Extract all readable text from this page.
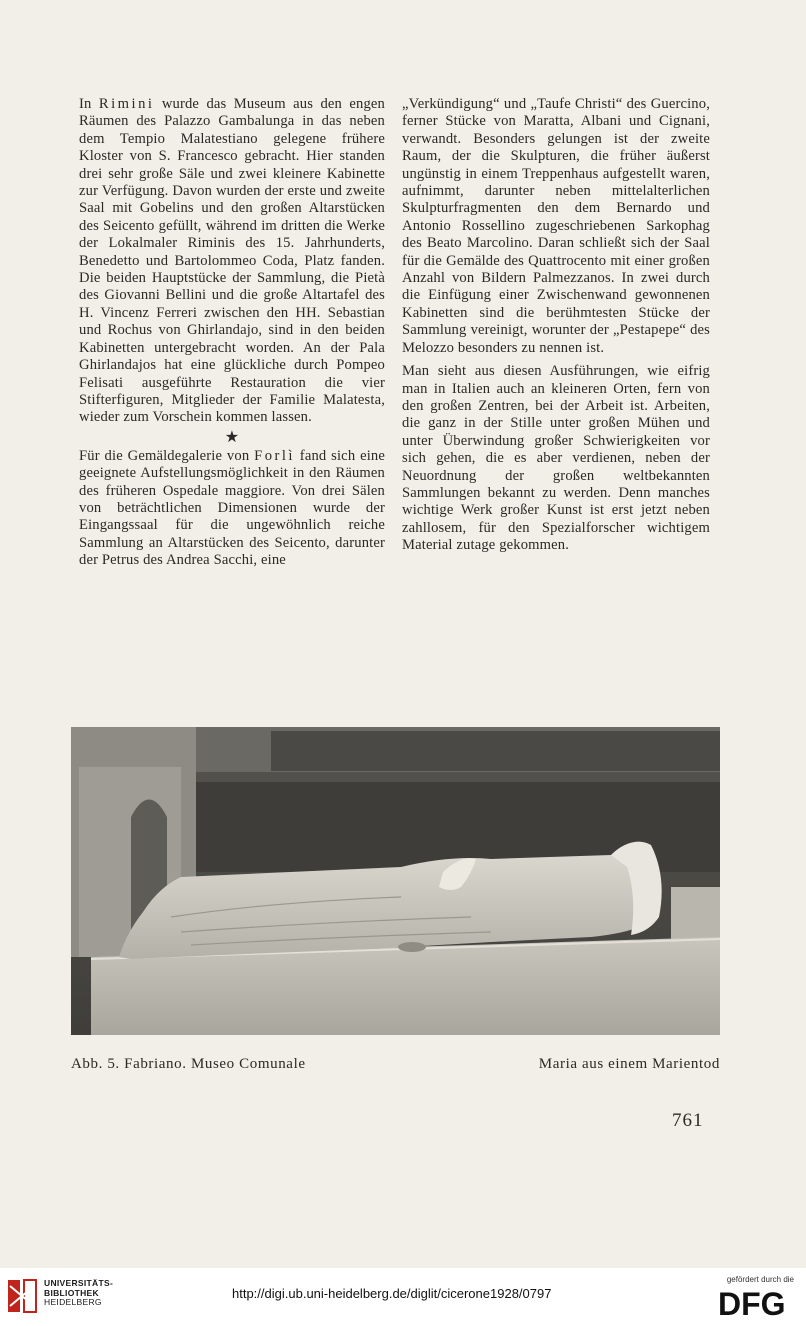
In Rimini wurde das Museum aus den engen Räumen des Palazzo Gambalunga in das neben dem Tempio Malatestiano gelegene frühere Kloster von S. Francesco gebracht. Hier standen drei sehr große Säle und zwei kleinere Kabinette zur Verfügung. Davon wurden der erste und zweite Saal mit Gobelins und den großen Altarstücken des Seicento gefüllt, während im dritten die Werke der Lokalmaler Riminis des 15. Jahrhunderts, Benedetto und Bartolommeo Coda, Platz fanden. Die beiden Hauptstücke der Sammlung, die Pietà des Giovanni Bellini und die große Altartafel des H. Vincenz Ferreri zwischen den HH. Sebastian und Rochus von Ghirlandajo, sind in den beiden Kabinetten untergebracht worden. An der Pala Ghirlandajos hat eine glückliche durch Pompeo Felisati ausgeführte Restauration die vier Stifterfiguren, Mitglieder der Familie Malatesta, wieder zum Vorschein kommen lassen.

★

Für die Gemäldegalerie von Forlì fand sich eine geeignete Aufstellungsmöglichkeit in den Räumen des früheren Ospedale maggiore. Von drei Sälen von beträchtlichen Dimensionen wurde der Eingangssaal für die ungewöhnlich reiche Sammlung an Altarstücken des Seicento, darunter der Petrus des Andrea Sacchi, eine

„Verkündigung“ und „Taufe Christi“ des Guercino, ferner Stücke von Maratta, Albani und Cignani, verwandt. Besonders gelungen ist der zweite Raum, der die Skulpturen, die früher äußerst ungünstig in einem Treppenhaus aufgestellt waren, aufnimmt, darunter neben mittelalterlichen Skulpturfragmenten den dem Bernardo und Antonio Rossellino zugeschriebenen Sarkophag des Beato Marcolino. Daran schließt sich der Saal für die Gemälde des Quattrocento mit einer großen Anzahl von Bildern Palmezzanos. In zwei durch die Einfügung einer Zwischenwand gewonnenen Kabinetten sind die berühmtesten Stücke der Sammlung vereinigt, worunter der „Pestapepe“ des Melozzo besonders zu nennen ist.

Man sieht aus diesen Ausführungen, wie eifrig man in Italien auch an kleineren Orten, fern von den großen Zentren, bei der Arbeit ist. Arbeiten, die ganz in der Stille unter großen Mühen und unter Überwindung großer Schwierigkeiten vor sich gehen, die es aber verdienen, neben der Neuordnung der großen weltbekannten Sammlungen bekannt zu werden. Denn manches wichtige Werk großer Kunst ist erst jetzt neben zahllosem, für den Spezialforscher wichtigem Material zutage gekommen.

Abb. 5. Fabriano. Museo Comunale	Maria aus einem Marientod
761
UNIVERSITÄTS-
BIBLIOTHEK
HEIDELBERG
http://digi.ub.uni-heidelberg.de/diglit/cicerone1928/0797
gefördert durch die
DFG
